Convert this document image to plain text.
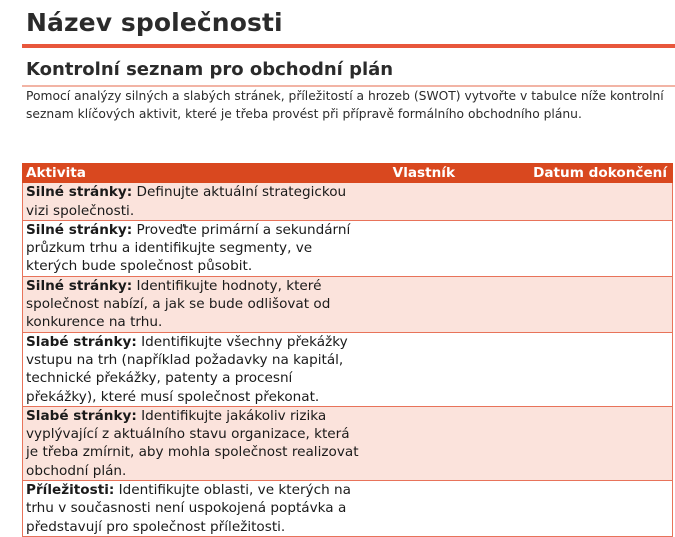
Název společnosti
Kontrolní seznam pro obchodní plán
Pomocí analýzy silných a slabých stránek, příležitostí a hrozeb (SWOT) vytvořte v tabulce níže kontrolní seznam klíčových aktivit, které je třeba provést při přípravě formálního obchodního plánu.
Aktivita	Vlastník	Datum dokončení
Silné stránky: Definujte aktuální strategickou vizi společnosti.		
Silné stránky: Proveďte primární a sekundární průzkum trhu a identifikujte segmenty, ve kterých bude společnost působit.		
Silné stránky: Identifikujte hodnoty, které společnost nabízí, a jak se bude odlišovat od konkurence na trhu.		
Slabé stránky: Identifikujte všechny překážky vstupu na trh (například požadavky na kapitál, technické překážky, patenty a procesní překážky), které musí společnost překonat.		
Slabé stránky: Identifikujte jakákoliv rizika vyplývající z aktuálního stavu organizace, která je třeba zmírnit, aby mohla společnost realizovat obchodní plán.		
Příležitosti: Identifikujte oblasti, ve kterých na trhu v současnosti není uspokojená poptávka a představují pro společnost příležitosti.		
